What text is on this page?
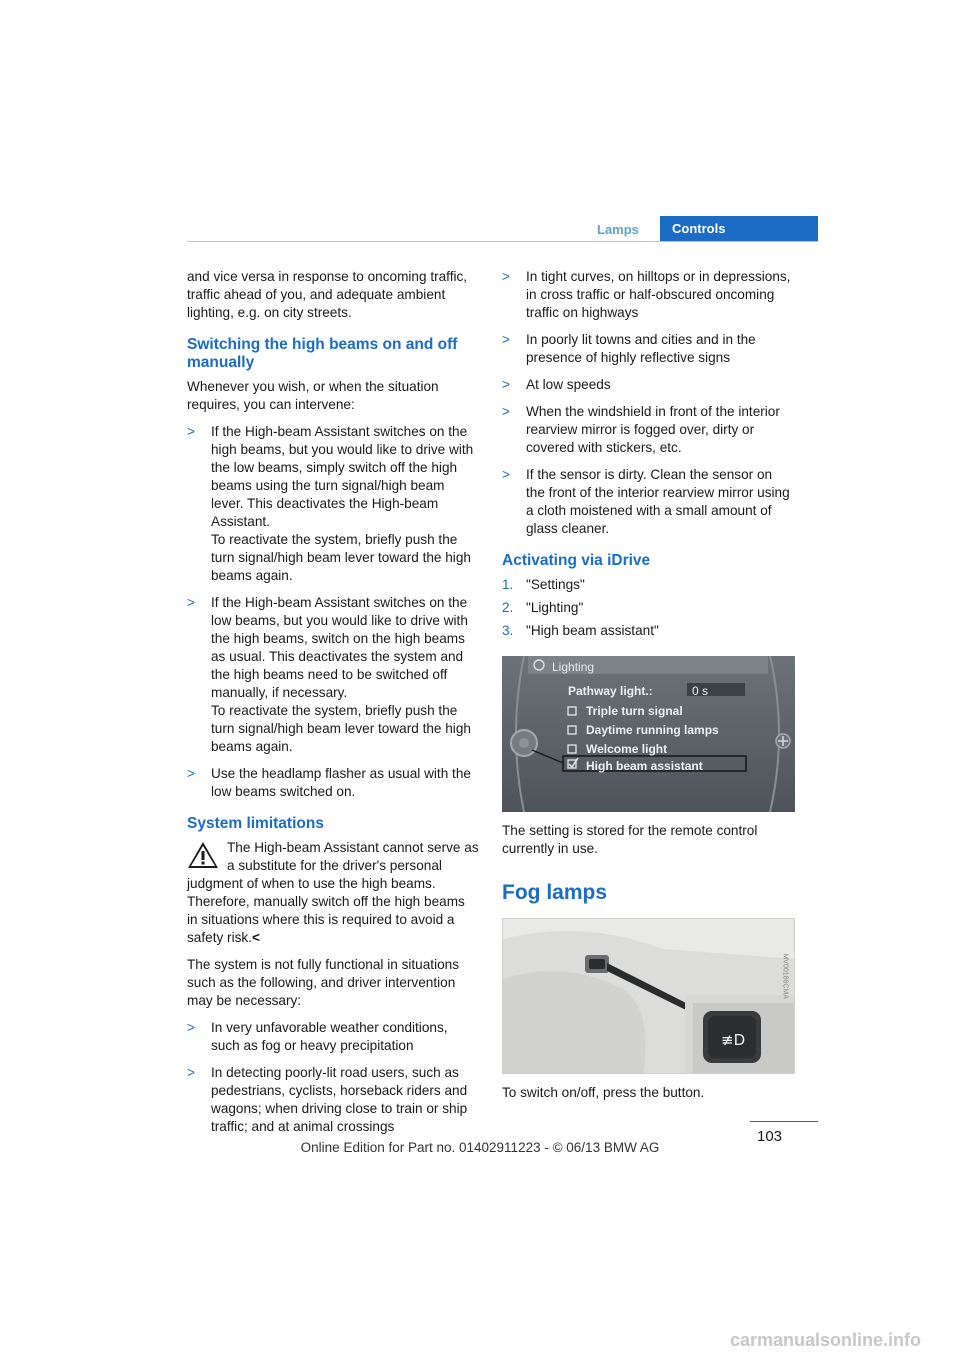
Lamps	Controls

and vice versa in response to oncoming traffic, traffic ahead of you, and adequate ambient lighting, e.g. on city streets.

Switching the high beams on and off manually

Whenever you wish, or when the situation requires, you can intervene:

> If the High-beam Assistant switches on the high beams, but you would like to drive with the low beams, simply switch off the high beams using the turn signal/high beam lever. This deactivates the High-beam Assistant.
To reactivate the system, briefly push the turn signal/high beam lever toward the high beams again.
> If the High-beam Assistant switches on the low beams, but you would like to drive with the high beams, switch on the high beams as usual. This deactivates the system and the high beams need to be switched off manually, if necessary.
To reactivate the system, briefly push the turn signal/high beam lever toward the high beams again.
> Use the headlamp flasher as usual with the low beams switched on.
System limitations

The High-beam Assistant cannot serve as a substitute for the driver's personal judgment of when to use the high beams. Therefore, manually switch off the high beams in situations where this is required to avoid a safety risk.<

The system is not fully functional in situations such as the following, and driver intervention may be necessary:

> In very unfavorable weather conditions, such as fog or heavy precipitation
> In detecting poorly-lit road users, such as pedestrians, cyclists, horseback riders and wagons; when driving close to train or ship traffic; and at animal crossings
> In tight curves, on hilltops or in depressions, in cross traffic or half-obscured oncoming traffic on highways
> In poorly lit towns and cities and in the presence of highly reflective signs
> At low speeds
> When the windshield in front of the interior rearview mirror is fogged over, dirty or covered with stickers, etc.
> If the sensor is dirty. Clean the sensor on the front of the interior rearview mirror using a cloth moistened with a small amount of glass cleaner.
Activating via iDrive
1. "Settings"
2. "Lighting"
3. "High beam assistant"
Lighting
Pathway light.:	0 s
Triple turn signal
Daytime running lamps
Welcome light
High beam assistant

The setting is stored for the remote control currently in use.

Fog lamps
≢D
MV00186CMA

To switch on/off, press the button.

103
Online Edition for Part no. 01402911223 - © 06/13 BMW AG
carmanualsonline.info
